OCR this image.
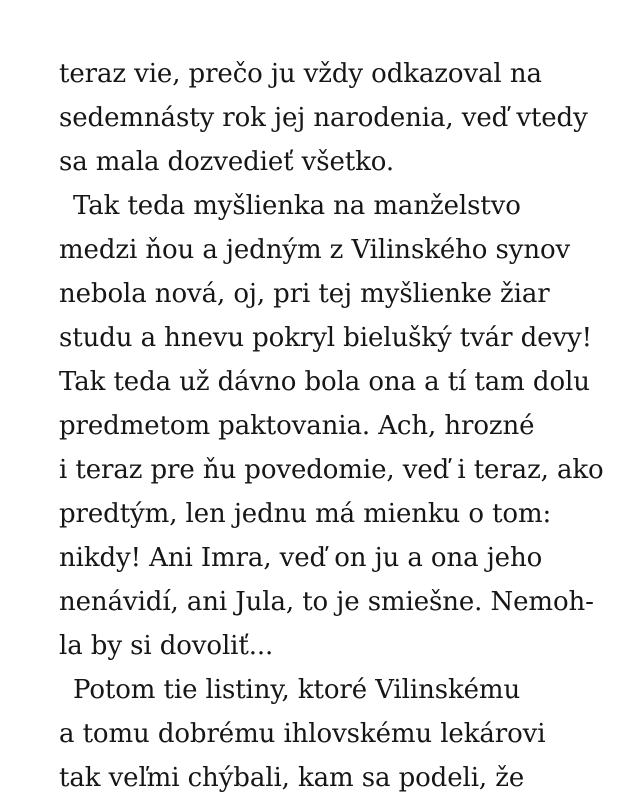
teraz vie, prečo ju vždy odkazoval na
sedemnásty rok jej narodenia, veď vtedy
sa mala dozvedieť všetko.
Tak teda myšlienka na manželstvo
medzi ňou a jedným z Vilinského synov
nebola nová, oj, pri tej myšlienke žiar
studu a hnevu pokryl bielušký tvár devy!
Tak teda už dávno bola ona a tí tam dolu
predmetom paktovania. Ach, hrozné
i teraz pre ňu povedomie, veď i teraz, ako
predtým, len jednu má mienku o tom:
nikdy! Ani Imra, veď on ju a ona jeho
nenávidí, ani Jula, to je smiešne. Nemoh-
la by si dovoliť...
Potom tie listiny, ktoré Vilinskému
a tomu dobrému ihlovskému lekárovi
tak veľmi chýbali, kam sa podeli, že
